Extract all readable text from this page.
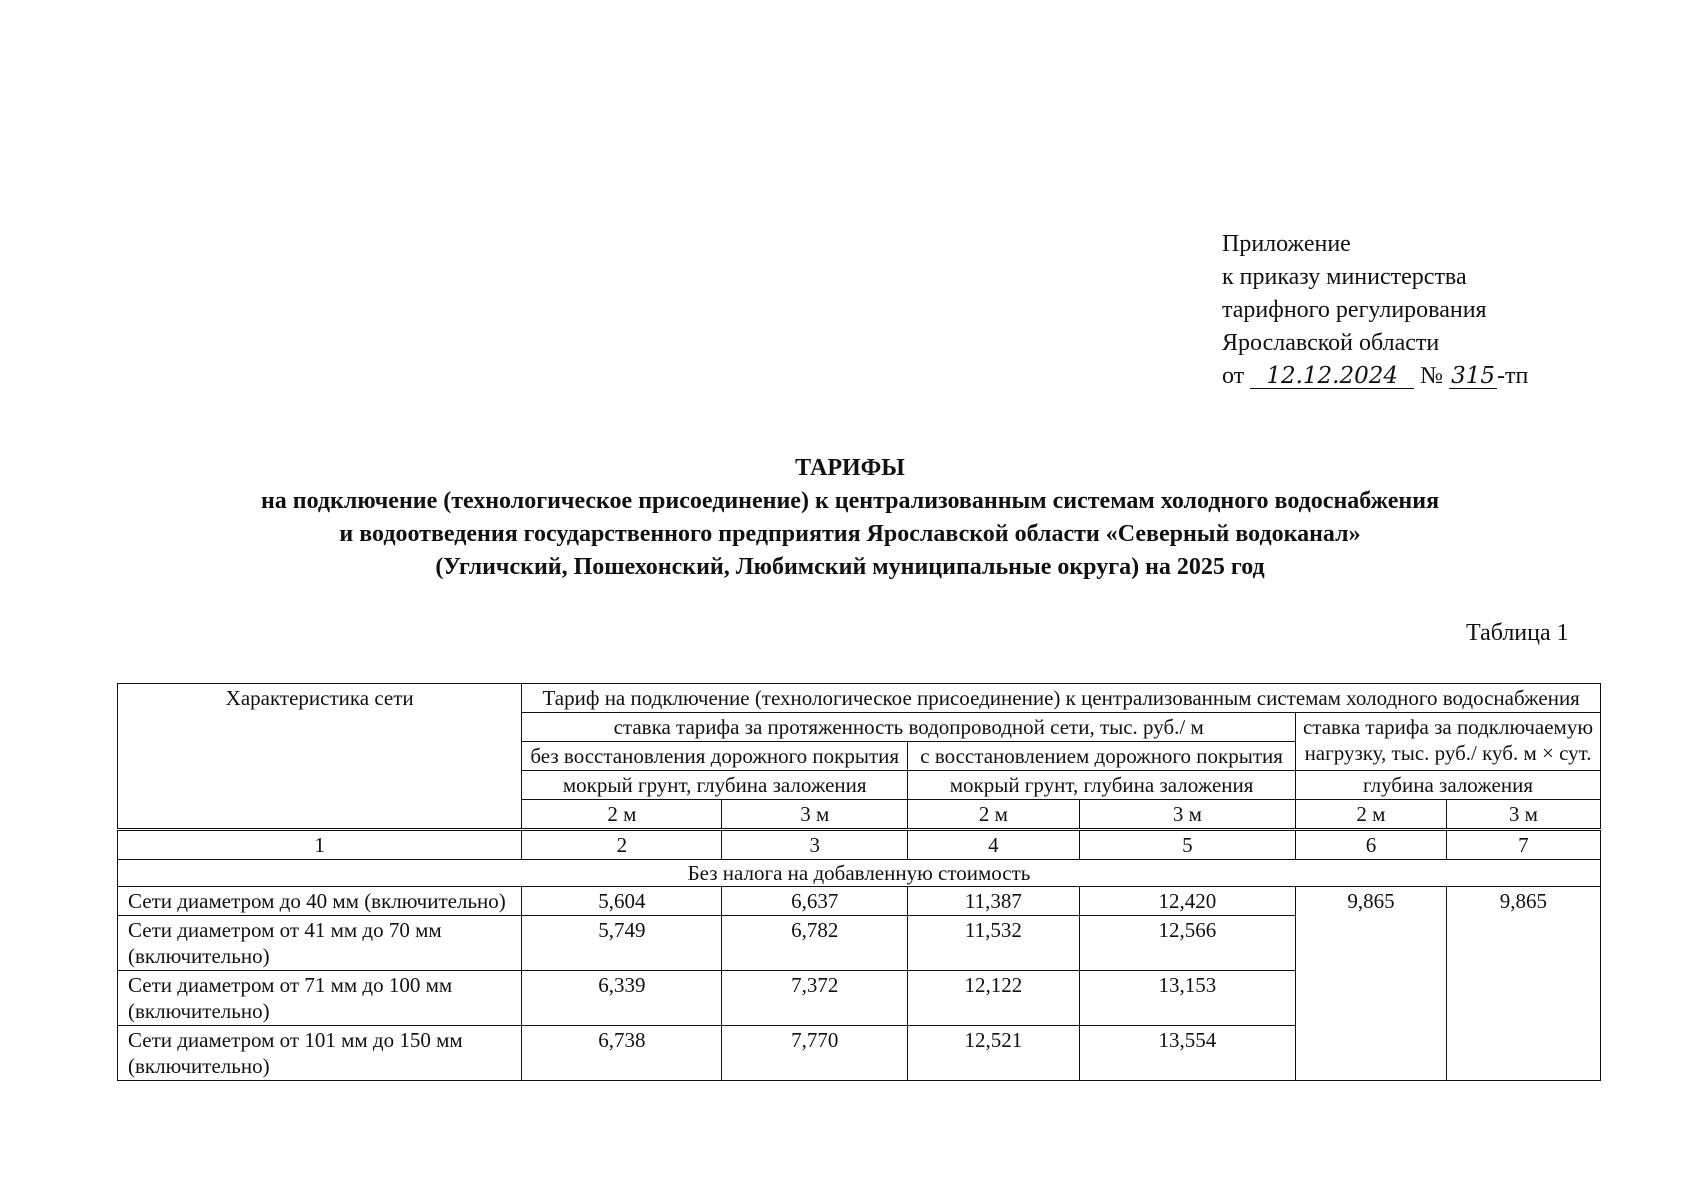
Приложение
к приказу министерства
тарифного регулирования
Ярославской области
от 12.12.2024 № 315-тп
ТАРИФЫ
на подключение (технологическое присоединение) к централизованным системам холодного водоснабжения
и водоотведения государственного предприятия Ярославской области «Северный водоканал»
(Угличский, Пошехонский, Любимский муниципальные округа) на 2025 год
Таблица 1
Характеристика сети	Тариф на подключение (технологическое присоединение) к централизованным системам холодного водоснабжения					
	ставка тарифа за протяженность водопроводной сети, тыс. руб./ м				ставка тарифа за подключаемую нагрузку, тыс. руб./ куб. м × сут.	
	без восстановления дорожного покрытия		с восстановлением дорожного покрытия			
	мокрый грунт, глубина заложения		мокрый грунт, глубина заложения		глубина заложения	
	2 м	3 м	2 м	3 м	2 м	3 м
1	2	3	4	5	6	7
Без налога на добавленную стоимость						
Сети диаметром до 40 мм (включительно)	5,604	6,637	11,387	12,420	9,865	9,865
Сети диаметром от 41 мм до 70 мм (включительно)	5,749	6,782	11,532	12,566		
Сети диаметром от 71 мм до 100 мм (включительно)	6,339	7,372	12,122	13,153		
Сети диаметром от 101 мм до 150 мм (включительно)	6,738	7,770	12,521	13,554		
